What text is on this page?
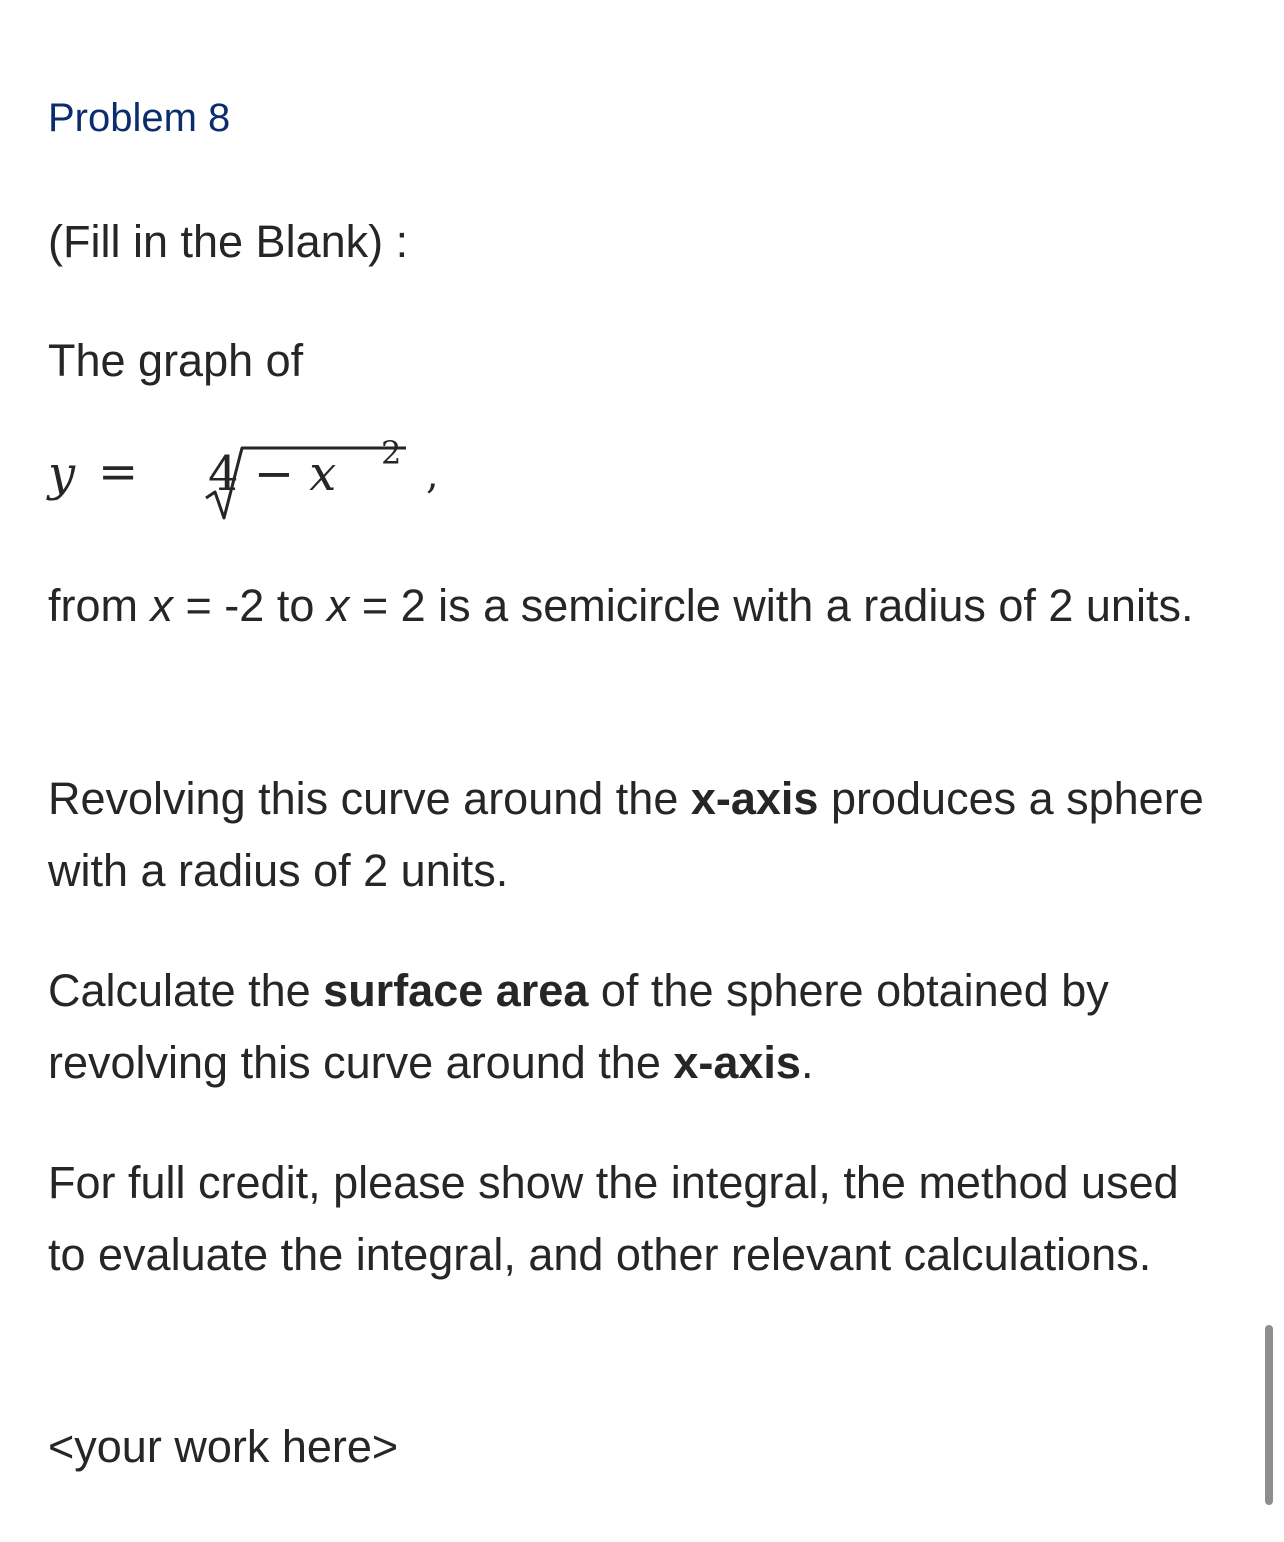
Problem 8
(Fill in the Blank) :
The graph of
y = 4 − x 2 ,
from x = -2 to x = 2 is a semicircle with a radius of 2 units.
Revolving this curve around the x-axis produces a sphere with a radius of 2 units.
Calculate the surface area of the sphere obtained by revolving this curve around the x-axis.
For full credit, please show the integral, the method used to evaluate the integral, and other relevant calculations.
<your work here>
